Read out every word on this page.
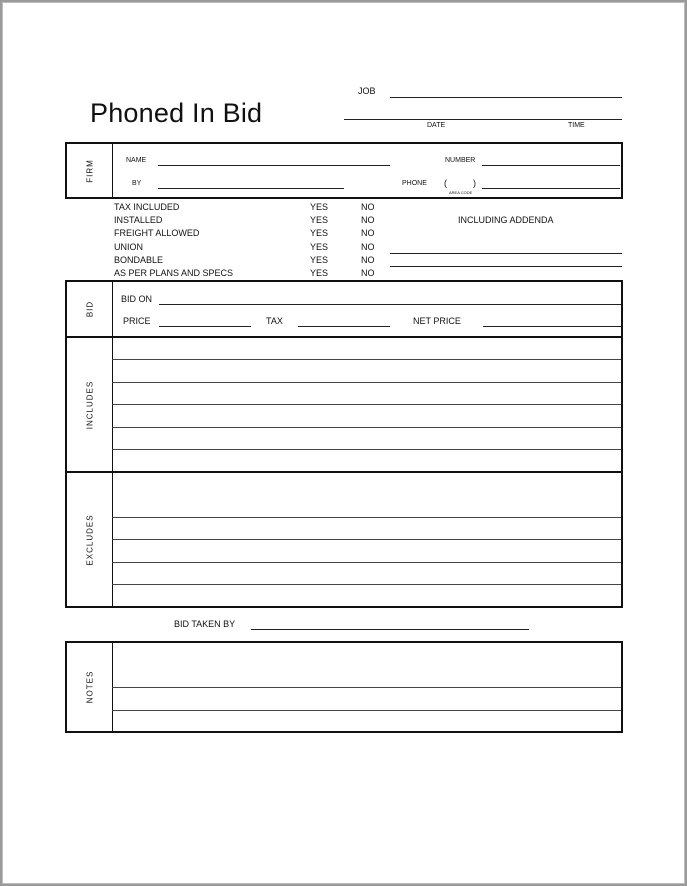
Phoned In Bid
JOB
DATE	TIME
FIRM	NAME	NUMBER
BY	PHONE (	)
AREA CODE
TAX INCLUDED	YES	NO
INSTALLED	YES	NO
FREIGHT ALLOWED	YES	NO
UNION	YES	NO
BONDABLE	YES	NO
AS PER PLANS AND SPECS	YES	NO
INCLUDING ADDENDA
BID
BID ON
PRICE	TAX	NET PRICE
INCLUDES
EXCLUDES
BID TAKEN BY
NOTES
